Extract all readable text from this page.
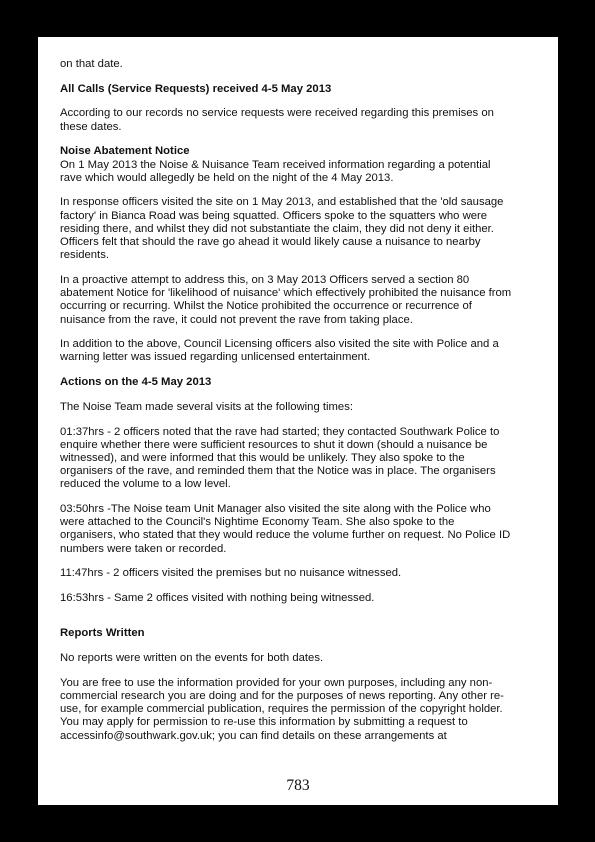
on that date.

All Calls (Service Requests) received 4-5 May 2013

According to our records no service requests were received regarding this premises on these dates.

Noise Abatement Notice

On 1 May 2013 the Noise & Nuisance Team received information regarding a potential rave which would allegedly be held on the night of the 4 May 2013.

In response officers visited the site on 1 May 2013, and established that the 'old sausage factory' in Bianca Road was being squatted. Officers spoke to the squatters who were residing there, and whilst they did not substantiate the claim, they did not deny it either. Officers felt that should the rave go ahead it would likely cause a nuisance to nearby residents.

In a proactive attempt to address this, on 3 May 2013 Officers served a section 80 abatement Notice for 'likelihood of nuisance' which effectively prohibited the nuisance from occurring or recurring. Whilst the Notice prohibited the occurrence or recurrence of nuisance from the rave, it could not prevent the rave from taking place.

In addition to the above, Council Licensing officers also visited the site with Police and a warning letter was issued regarding unlicensed entertainment.

Actions on the 4-5 May 2013

The Noise Team made several visits at the following times:

01:37hrs - 2 officers noted that the rave had started; they contacted Southwark Police to enquire whether there were sufficient resources to shut it down (should a nuisance be witnessed), and were informed that this would be unlikely. They also spoke to the organisers of the rave, and reminded them that the Notice was in place. The organisers reduced the volume to a low level.

03:50hrs -The Noise team Unit Manager also visited the site along with the Police who were attached to the Council's Nightime Economy Team. She also spoke to the organisers, who stated that they would reduce the volume further on request. No Police ID numbers were taken or recorded.

11:47hrs - 2 officers visited the premises but no nuisance witnessed.

16:53hrs - Same 2 offices visited with nothing being witnessed.

Reports Written

No reports were written on the events for both dates.

You are free to use the information provided for your own purposes, including any non-commercial research you are doing and for the purposes of news reporting. Any other re-use, for example commercial publication, requires the permission of the copyright holder. You may apply for permission to re-use this information by submitting a request to accessinfo@southwark.gov.uk; you can find details on these arrangements at

783
